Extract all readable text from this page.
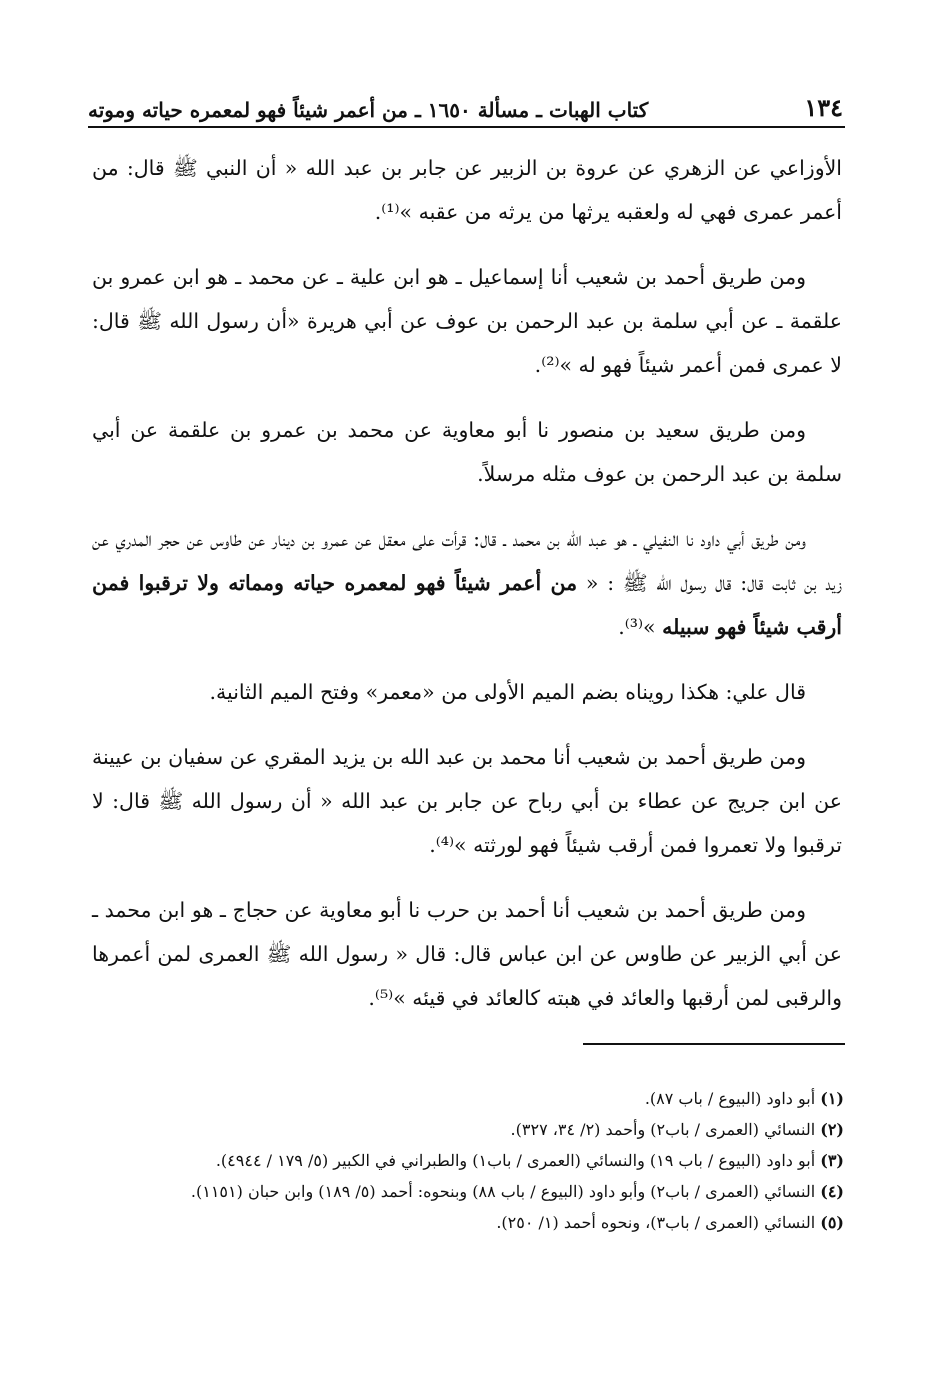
١٣٤
كتاب الهبات ـ مسألة ١٦٥٠ ـ من أعمر شيئاً فهو لمعمره حياته وموته

الأوزاعي عن الزهري عن عروة بن الزبير عن جابر بن عبد الله « أن النبي ﷺ قال: من أعمر عمرى فهي له ولعقبه يرثها من يرثه من عقبه »⁽¹⁾.

ومن طريق أحمد بن شعيب أنا إسماعيل ـ هو ابن علية ـ عن محمد ـ هو ابن عمرو بن علقمة ـ عن أبي سلمة بن عبد الرحمن بن عوف عن أبي هريرة «أن رسول الله ﷺ قال: لا عمرى فمن أعمر شيئاً فهو له »⁽²⁾.

ومن طريق سعيد بن منصور نا أبو معاوية عن محمد بن عمرو بن علقمة عن أبي سلمة بن عبد الرحمن بن عوف مثله مرسلاً.

ومن طريق أبي داود نا النفيلي ـ هو عبد الله بن محمد ـ قال: قرأت على معقل عن عمرو بن دينار عن طاوس عن حجر المدري عن زيد بن ثابت قال: قال رسول الله ﷺ : « من أعمر شيئاً فهو لمعمره حياته ومماته ولا ترقبوا فمن أرقب شيئاً فهو سبيله »⁽³⁾.

قال علي: هكذا رويناه بضم الميم الأولى من «معمر» وفتح الميم الثانية.

ومن طريق أحمد بن شعيب أنا محمد بن عبد الله بن يزيد المقري عن سفيان بن عيينة عن ابن جريج عن عطاء بن أبي رباح عن جابر بن عبد الله « أن رسول الله ﷺ قال: لا ترقبوا ولا تعمروا فمن أرقب شيئاً فهو لورثته »⁽⁴⁾.

ومن طريق أحمد بن شعيب أنا أحمد بن حرب نا أبو معاوية عن حجاج ـ هو ابن محمد ـ عن أبي الزبير عن طاوس عن ابن عباس قال: قال « رسول الله ﷺ العمرى لمن أعمرها والرقبى لمن أرقبها والعائد في هبته كالعائد في قيئه »⁽⁵⁾.

(١) أبو داود (البيوع / باب ٨٧).

(٢) النسائي (العمرى / باب٢) وأحمد (٢/ ٣٤، ٣٢٧).

(٣) أبو داود (البيوع / باب ١٩) والنسائي (العمرى / باب١) والطبراني في الكبير (٥/ ١٧٩ / ٤٩٤٤).

(٤) النسائي (العمرى / باب٢) وأبو داود (البيوع / باب ٨٨) وبنحوه: أحمد (٥/ ١٨٩) وابن حبان (١١٥١).

(٥) النسائي (العمرى / باب٣)، ونحوه أحمد (١/ ٢٥٠).
